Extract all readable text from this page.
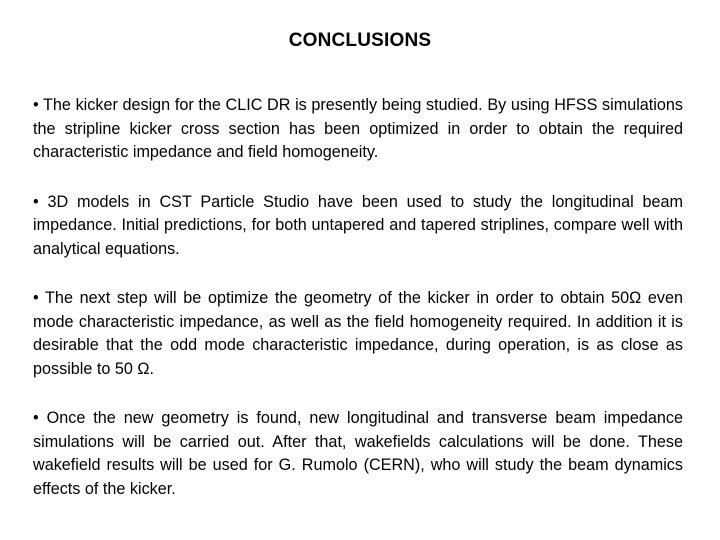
CONCLUSIONS

• The kicker design for the CLIC DR is presently being studied. By using HFSS simulations the stripline kicker cross section has been optimized in order to obtain the required characteristic impedance and field homogeneity.

• 3D models in CST Particle Studio have been used to study the longitudinal beam impedance. Initial predictions, for both untapered and tapered striplines, compare well with analytical equations.

• The next step will be optimize the geometry of the kicker in order to obtain 50Ω even mode characteristic impedance, as well as the field homogeneity required. In addition it is desirable that the odd mode characteristic impedance, during operation, is as close as possible to 50 Ω.

• Once the new geometry is found, new longitudinal and transverse beam impedance simulations will be carried out. After that, wakefields calculations will be done. These wakefield results will be used for G. Rumolo (CERN), who will study the beam dynamics effects of the kicker.
